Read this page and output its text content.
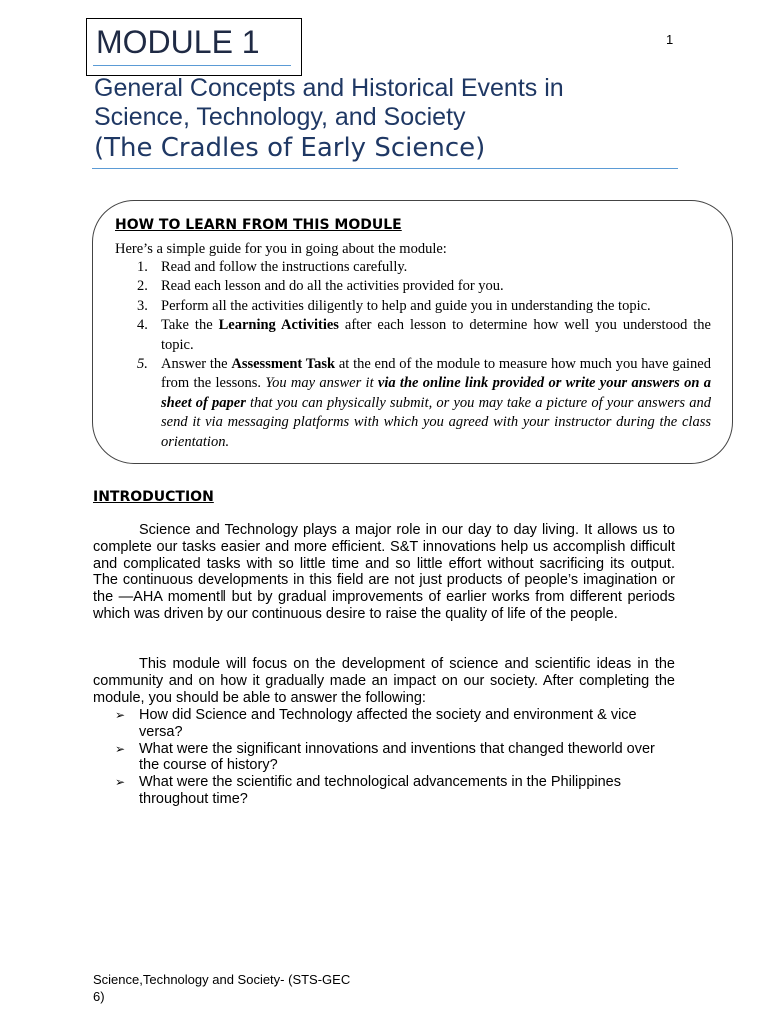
MODULE 1	1
General Concepts and Historical Events in
Science, Technology, and Society
(The Cradles of Early Science)
HOW TO LEARN FROM THIS MODULE
Here’s a simple guide for you in going about the module:
1. Read and follow the instructions carefully.
2. Read each lesson and do all the activities provided for you.
3. Perform all the activities diligently to help and guide you in understanding the topic.
4. Take the Learning Activities after each lesson to determine how well you understood the topic.
5. Answer the Assessment Task at the end of the module to measure how much you have gained from the lessons. You may answer it via the online link provided or write your answers on a sheet of paper that you can physically submit, or you may take a picture of your answers and send it via messaging platforms with which you agreed with your instructor during the class orientation.
INTRODUCTION

Science and Technology plays a major role in our day to day living. It allows us to complete our tasks easier and more efficient. S&T innovations help us accomplish difficult and complicated tasks with so little time and so little effort without sacrificing its output. The continuous developments in this field are not just products of people’s imagination or the ―AHA moment‖ but by gradual improvements of earlier works from different periods which was driven by our continuous desire to raise the quality of life of the people.

This module will focus on the development of science and scientific ideas in the community and on how it gradually made an impact on our society. After completing the module, you should be able to answer the following:

➢ How did Science and Technology affected the society and environment & vice versa?
➢ What were the significant innovations and inventions that changed theworld over the course of history?
➢ What were the scientific and technological advancements in the Philippines throughout time?
Science,Technology and Society- (STS-GEC 6)
